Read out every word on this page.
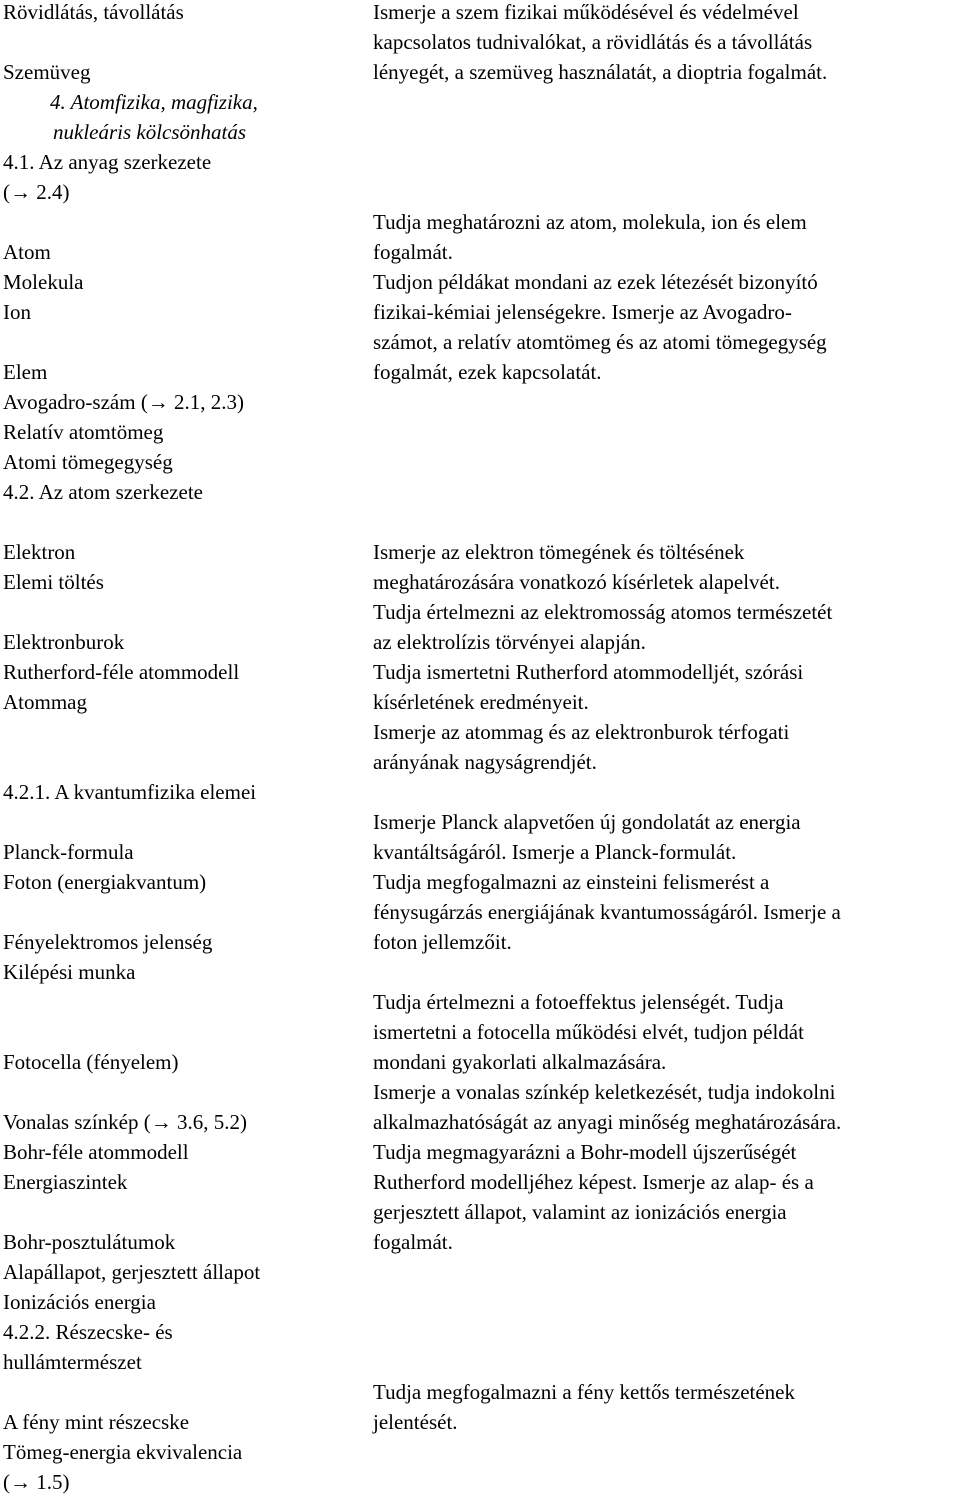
Rövidlátás, távollátás
Szemüveg
4. Atomfizika, magfizika,
nukleáris kölcsönhatás
4.1. Az anyag szerkezete
(→ 2.4)
Atom
Molekula
Ion
Elem
Avogadro-szám (→ 2.1, 2.3)
Relatív atomtömeg
Atomi tömegegység
4.2. Az atom szerkezete
Elektron
Elemi töltés
Elektronburok
Rutherford-féle atommodell
Atommag
4.2.1. A kvantumfizika elemei
Planck-formula
Foton (energiakvantum)
Fényelektromos jelenség
Kilépési munka
Fotocella (fényelem)
Vonalas színkép (→ 3.6, 5.2)
Bohr-féle atommodell
Energiaszintek
Bohr-posztulátumok
Alapállapot, gerjesztett állapot
Ionizációs energia
4.2.2. Részecske- és
hullámtermészet
A fény mint részecske
Tömeg-energia ekvivalencia
(→ 1.5)
Ismerje a szem fizikai működésével és védelmével
kapcsolatos tudnivalókat, a rövidlátás és a távollátás
lényegét, a szemüveg használatát, a dioptria fogalmát.
Tudja meghatározni az atom, molekula, ion és elem
fogalmát.
Tudjon példákat mondani az ezek létezését bizonyító
fizikai-kémiai jelenségekre. Ismerje az Avogadro-
számot, a relatív atomtömeg és az atomi tömegegység
fogalmát, ezek kapcsolatát.
Ismerje az elektron tömegének és töltésének
meghatározására vonatkozó kísérletek alapelvét.
Tudja értelmezni az elektromosság atomos természetét
az elektrolízis törvényei alapján.
Tudja ismertetni Rutherford atommodelljét, szórási
kísérletének eredményeit.
Ismerje az atommag és az elektronburok térfogati
arányának nagyságrendjét.
Ismerje Planck alapvetően új gondolatát az energia
kvantáltságáról. Ismerje a Planck-formulát.
Tudja megfogalmazni az einsteini felismerést a
fénysugárzás energiájának kvantumosságáról. Ismerje a
foton jellemzőit.
Tudja értelmezni a fotoeffektus jelenségét. Tudja
ismertetni a fotocella működési elvét, tudjon példát
mondani gyakorlati alkalmazására.
Ismerje a vonalas színkép keletkezését, tudja indokolni
alkalmazhatóságát az anyagi minőség meghatározására.
Tudja megmagyarázni a Bohr-modell újszerűségét
Rutherford modelljéhez képest. Ismerje az alap- és a
gerjesztett állapot, valamint az ionizációs energia
fogalmát.
Tudja megfogalmazni a fény kettős természetének
jelentését.
